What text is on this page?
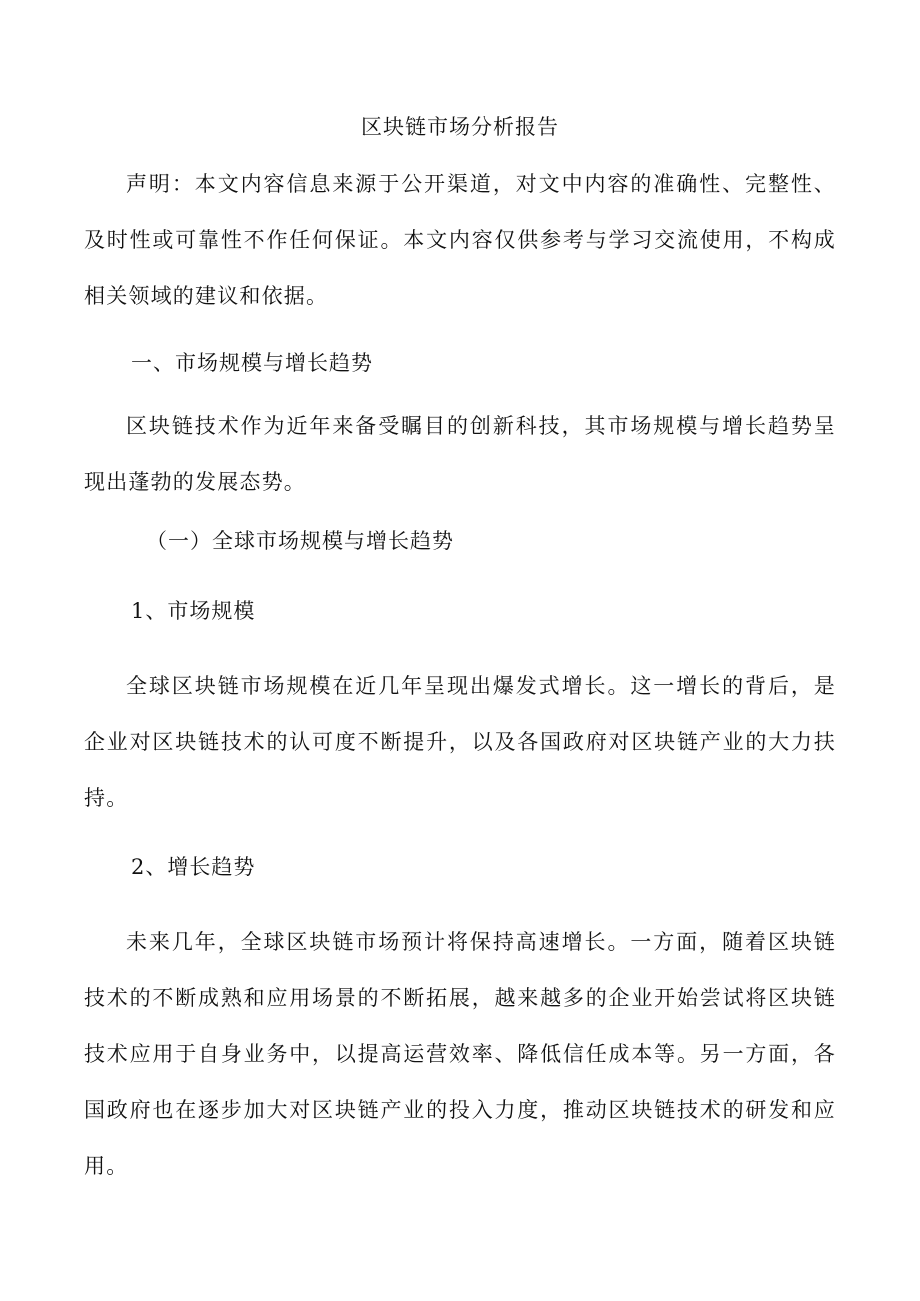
区块链市场分析报告

声明：本文内容信息来源于公开渠道，对文中内容的准确性、完整性、及时性或可靠性不作任何保证。本文内容仅供参考与学习交流使用，不构成相关领域的建议和依据。

一、市场规模与增长趋势

区块链技术作为近年来备受瞩目的创新科技，其市场规模与增长趋势呈现出蓬勃的发展态势。

（一）全球市场规模与增长趋势
1、市场规模

全球区块链市场规模在近几年呈现出爆发式增长。这一增长的背后，是企业对区块链技术的认可度不断提升，以及各国政府对区块链产业的大力扶持。

2、增长趋势

未来几年，全球区块链市场预计将保持高速增长。一方面，随着区块链技术的不断成熟和应用场景的不断拓展，越来越多的企业开始尝试将区块链技术应用于自身业务中，以提高运营效率、降低信任成本等。另一方面，各国政府也在逐步加大对区块链产业的投入力度，推动区块链技术的研发和应用。
